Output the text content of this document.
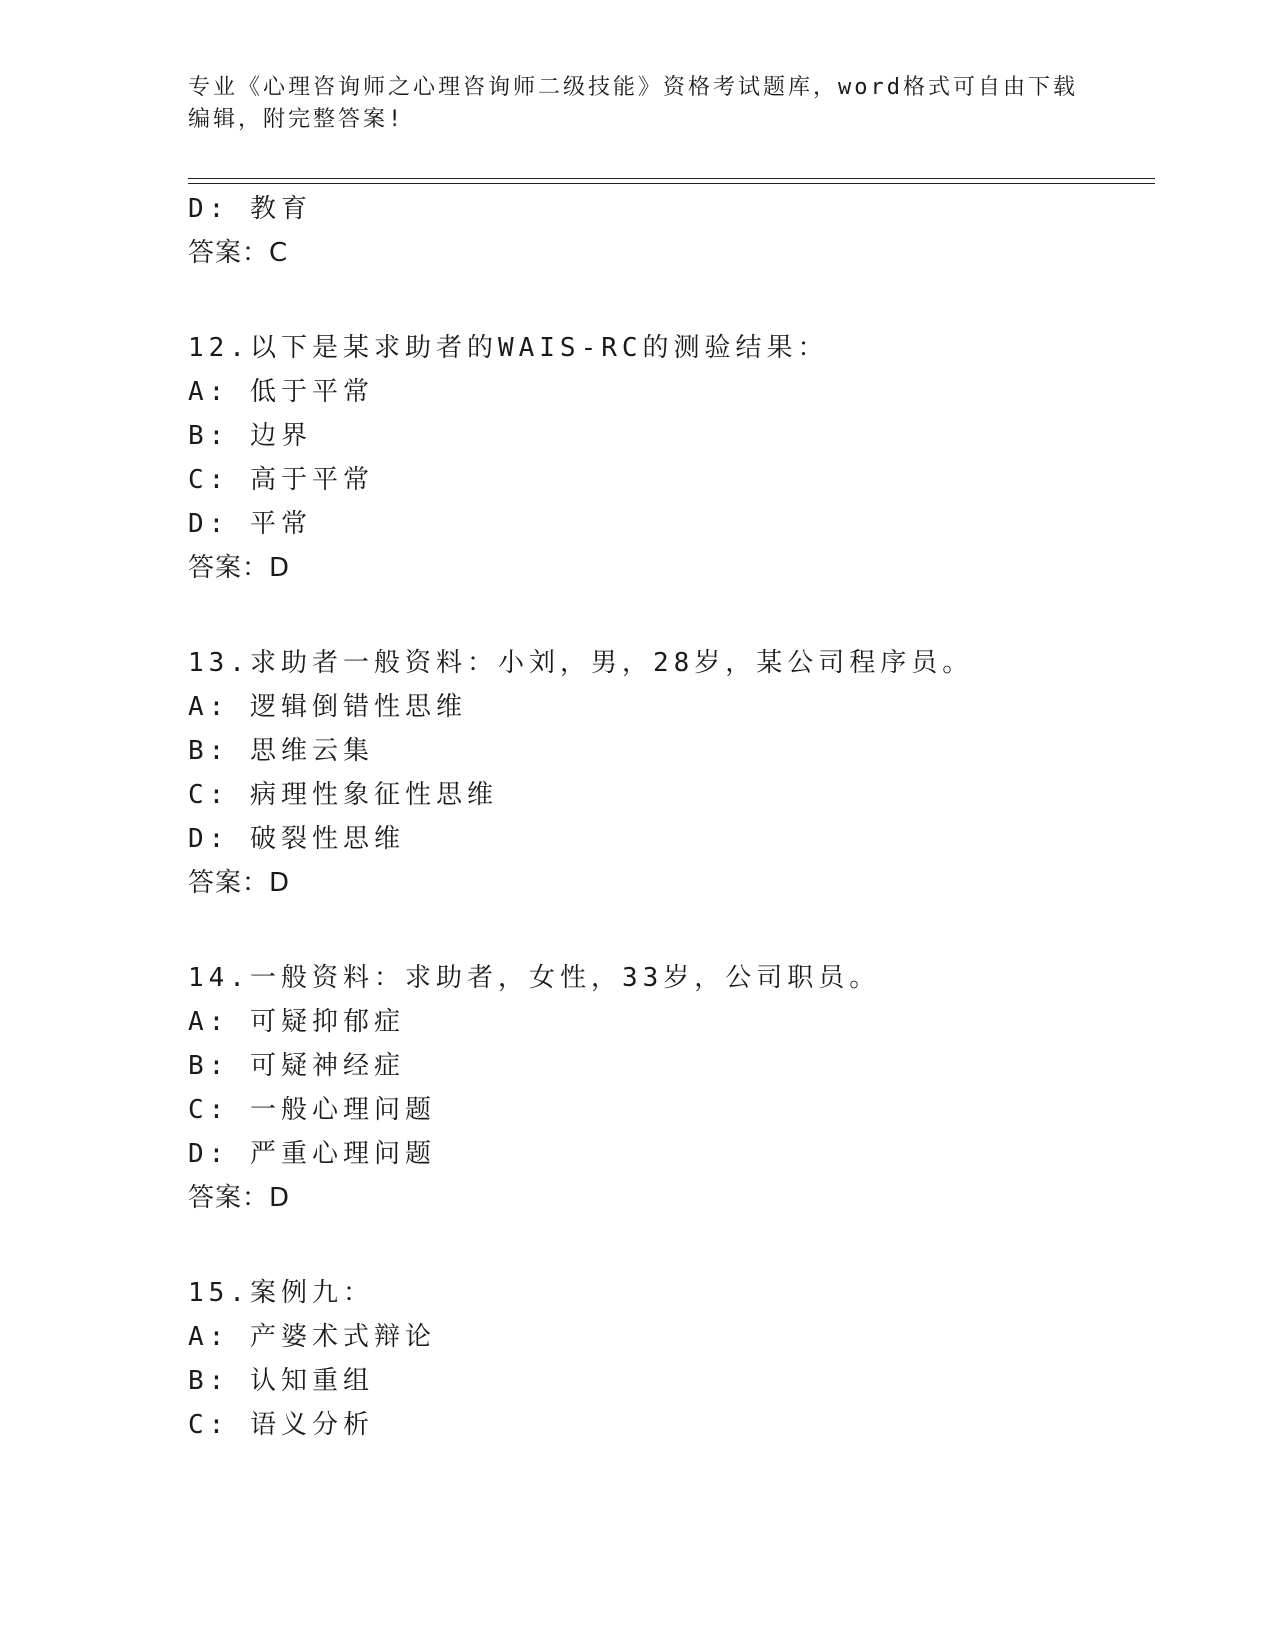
专业《心理咨询师之心理咨询师二级技能》资格考试题库，word格式可自由下载
编辑，附完整答案!
D: 教育
答案：C
12.以下是某求助者的WAIS-RC的测验结果：
A: 低于平常
B: 边界
C: 高于平常
D: 平常
答案：D
13.求助者一般资料：小刘，男，28岁，某公司程序员。
A: 逻辑倒错性思维
B: 思维云集
C: 病理性象征性思维
D: 破裂性思维
答案：D
14.一般资料：求助者，女性，33岁，公司职员。
A: 可疑抑郁症
B: 可疑神经症
C: 一般心理问题
D: 严重心理问题
答案：D
15.案例九：
A: 产婆术式辩论
B: 认知重组
C: 语义分析
